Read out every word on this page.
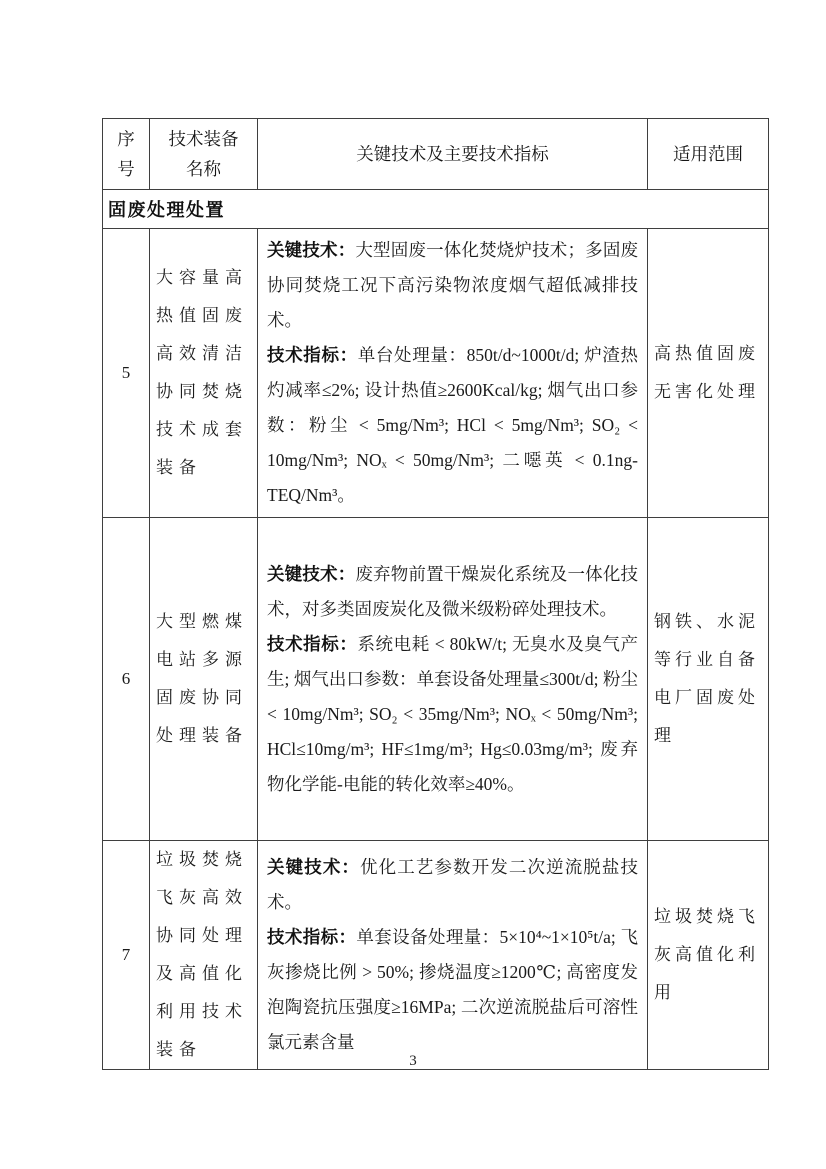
序号	技术装备名称	关键技术及主要技术指标	适用范围
固废处理处置			
5	大容量高热值固废高效清洁协同焚烧技术成套装备	关键技术：大型固废一体化焚烧炉技术；多固废协同焚烧工况下高污染物浓度烟气超低减排技术。

技术指标：单台处理量：850t/d~1000t/d; 炉渣热灼减率≤2%; 设计热值≥2600Kcal/kg; 烟气出口参数：粉尘 < 5mg/Nm³; HCl < 5mg/Nm³; SO₂ < 10mg/Nm³; NOₓ < 50mg/Nm³; 二噁英 < 0.1ng-TEQ/Nm³。	高热值固废无害化处理
6	大型燃煤电站多源固废协同处理装备	关键技术：废弃物前置干燥炭化系统及一体化技术，对多类固废炭化及微米级粉碎处理技术。

技术指标：系统电耗 < 80kW/t; 无臭水及臭气产生; 烟气出口参数：单套设备处理量≤300t/d; 粉尘 < 10mg/Nm³; SO₂ < 35mg/Nm³; NOₓ < 50mg/Nm³; HCl≤10mg/m³; HF≤1mg/m³; Hg≤0.03mg/m³; 废弃物化学能-电能的转化效率≥40%。	钢铁、水泥等行业自备电厂固废处理
7	垃圾焚烧飞灰高效协同处理及高值化利用技术装备	关键技术：优化工艺参数开发二次逆流脱盐技术。

技术指标：单套设备处理量：5×10⁴~1×10⁵t/a; 飞灰掺烧比例 > 50%; 掺烧温度≥1200℃; 高密度发泡陶瓷抗压强度≥16MPa; 二次逆流脱盐后可溶性氯元素含量	垃圾焚烧飞灰高值化利用
3
